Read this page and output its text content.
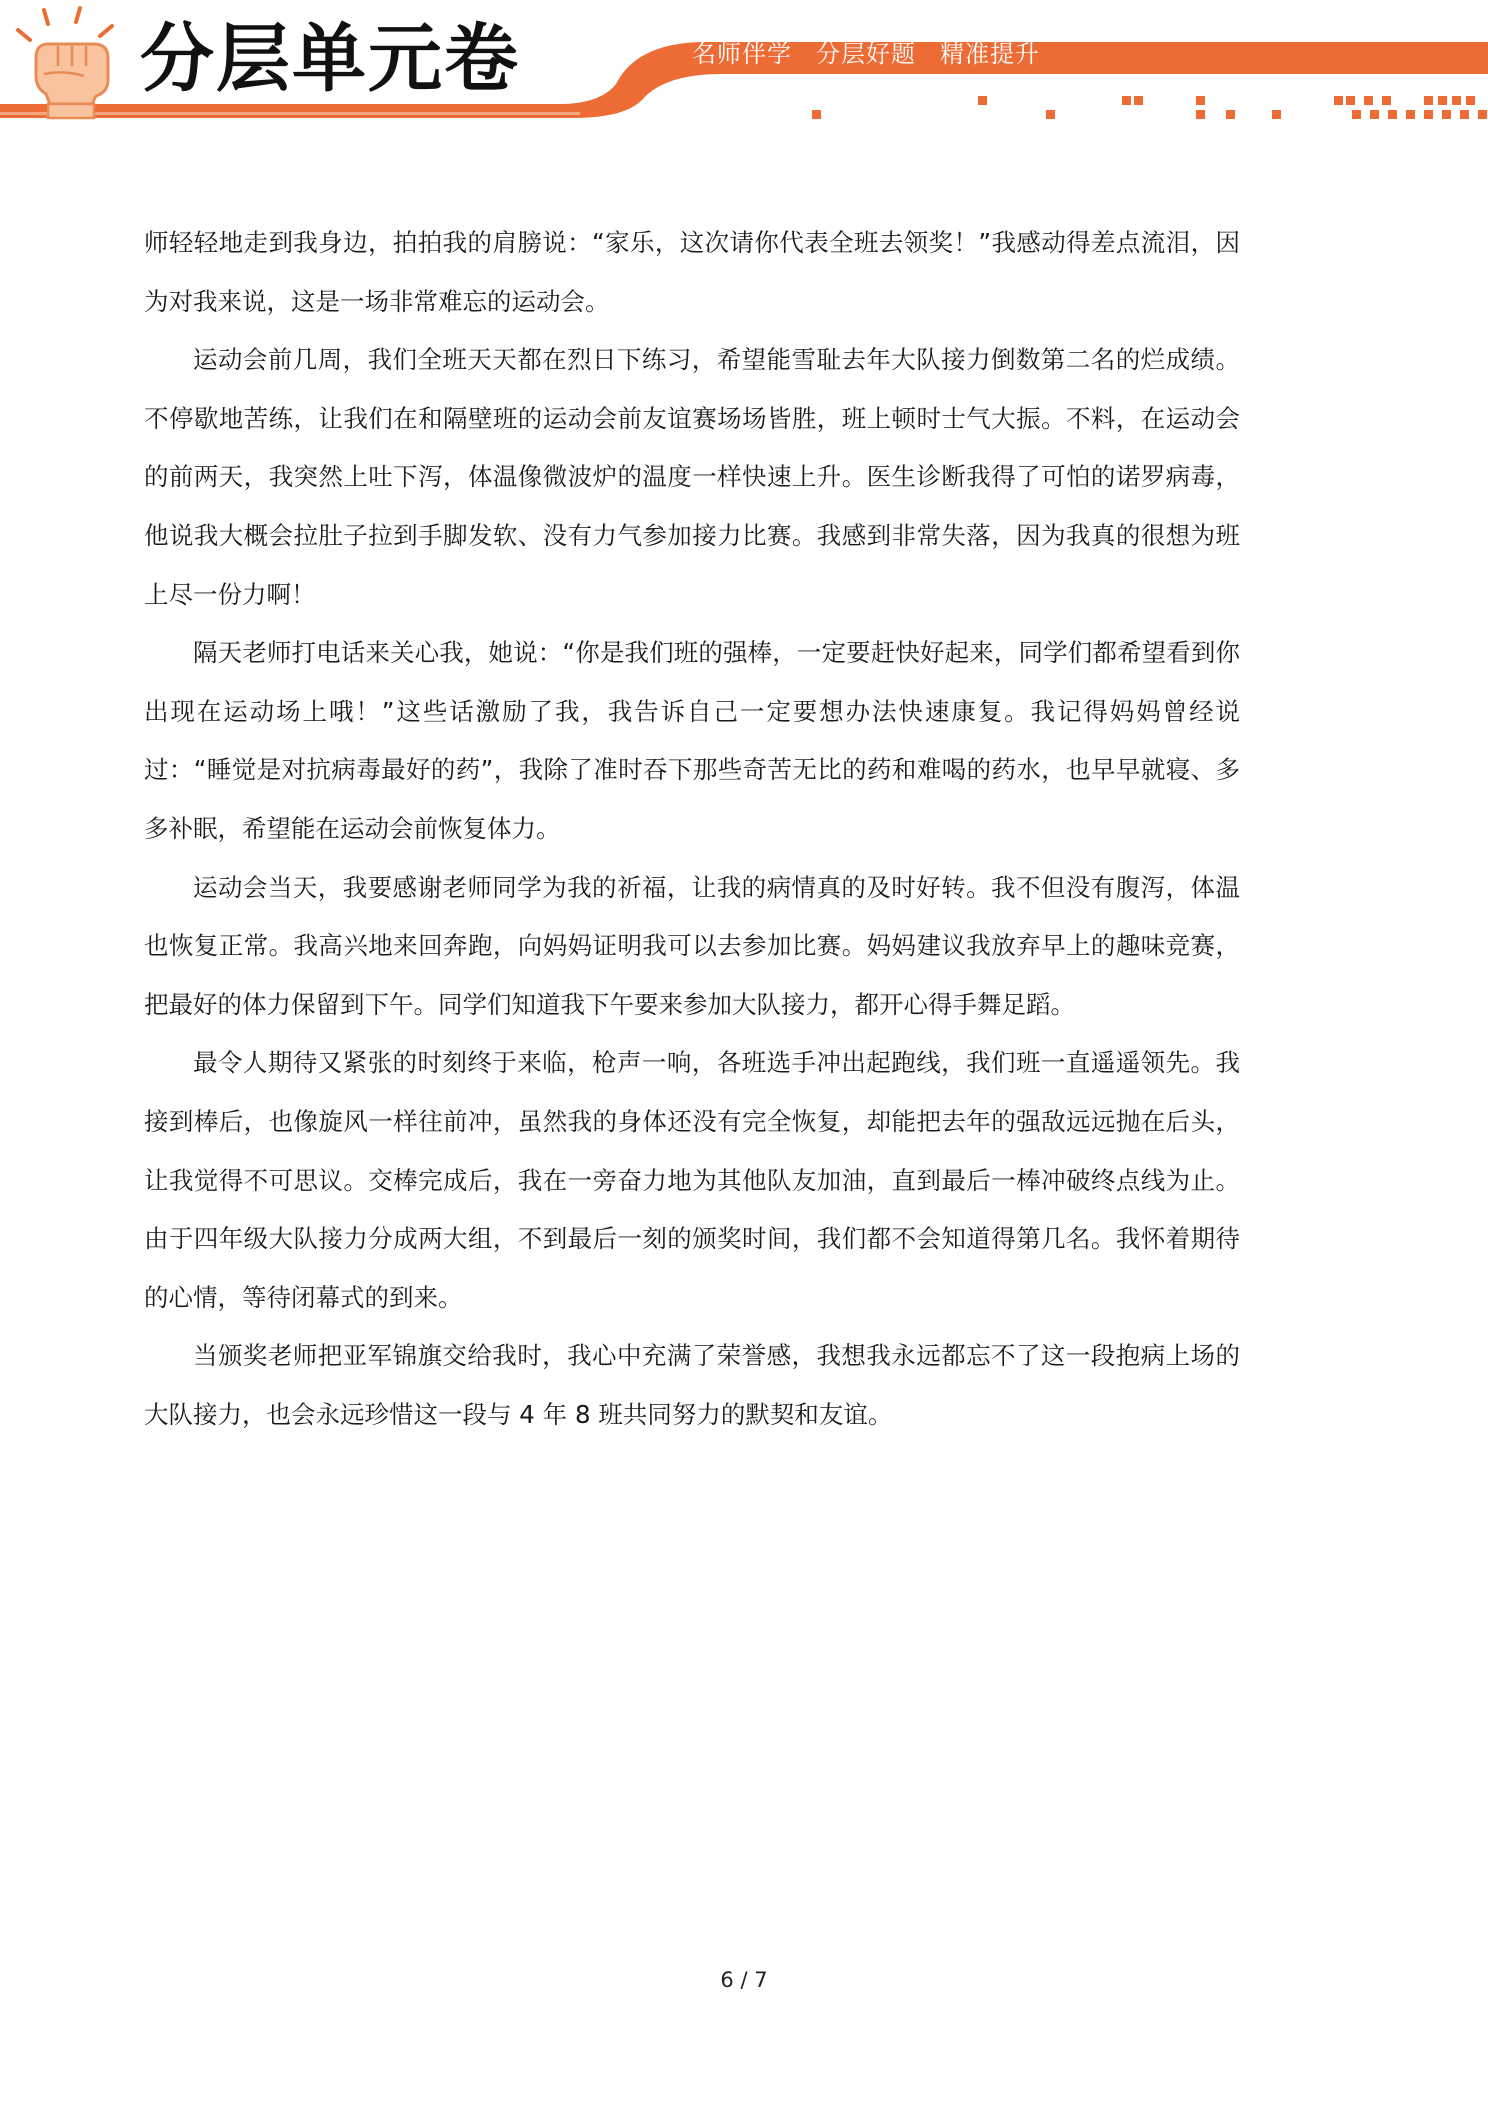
分层单元卷	名师伴学 分层好题 精准提升

师轻轻地走到我身边，拍拍我的肩膀说：“家乐，这次请你代表全班去领奖！”我感动得差点流泪，因为对我来说，这是一场非常难忘的运动会。

运动会前几周，我们全班天天都在烈日下练习，希望能雪耻去年大队接力倒数第二名的烂成绩。不停歇地苦练，让我们在和隔壁班的运动会前友谊赛场场皆胜，班上顿时士气大振。不料，在运动会的前两天，我突然上吐下泻，体温像微波炉的温度一样快速上升。医生诊断我得了可怕的诺罗病毒，他说我大概会拉肚子拉到手脚发软、没有力气参加接力比赛。我感到非常失落，因为我真的很想为班上尽一份力啊！

隔天老师打电话来关心我，她说：“你是我们班的强棒，一定要赶快好起来，同学们都希望看到你出现在运动场上哦！”这些话激励了我，我告诉自己一定要想办法快速康复。我记得妈妈曾经说过：“睡觉是对抗病毒最好的药”，我除了准时吞下那些奇苦无比的药和难喝的药水，也早早就寝、多多补眠，希望能在运动会前恢复体力。

运动会当天，我要感谢老师同学为我的祈福，让我的病情真的及时好转。我不但没有腹泻，体温也恢复正常。我高兴地来回奔跑，向妈妈证明我可以去参加比赛。妈妈建议我放弃早上的趣味竞赛，把最好的体力保留到下午。同学们知道我下午要来参加大队接力，都开心得手舞足蹈。

最令人期待又紧张的时刻终于来临，枪声一响，各班选手冲出起跑线，我们班一直遥遥领先。我接到棒后，也像旋风一样往前冲，虽然我的身体还没有完全恢复，却能把去年的强敌远远抛在后头，让我觉得不可思议。交棒完成后，我在一旁奋力地为其他队友加油，直到最后一棒冲破终点线为止。由于四年级大队接力分成两大组，不到最后一刻的颁奖时间，我们都不会知道得第几名。我怀着期待的心情，等待闭幕式的到来。

当颁奖老师把亚军锦旗交给我时，我心中充满了荣誉感，我想我永远都忘不了这一段抱病上场的大队接力，也会永远珍惜这一段与 4 年 8 班共同努力的默契和友谊。

6 / 7
